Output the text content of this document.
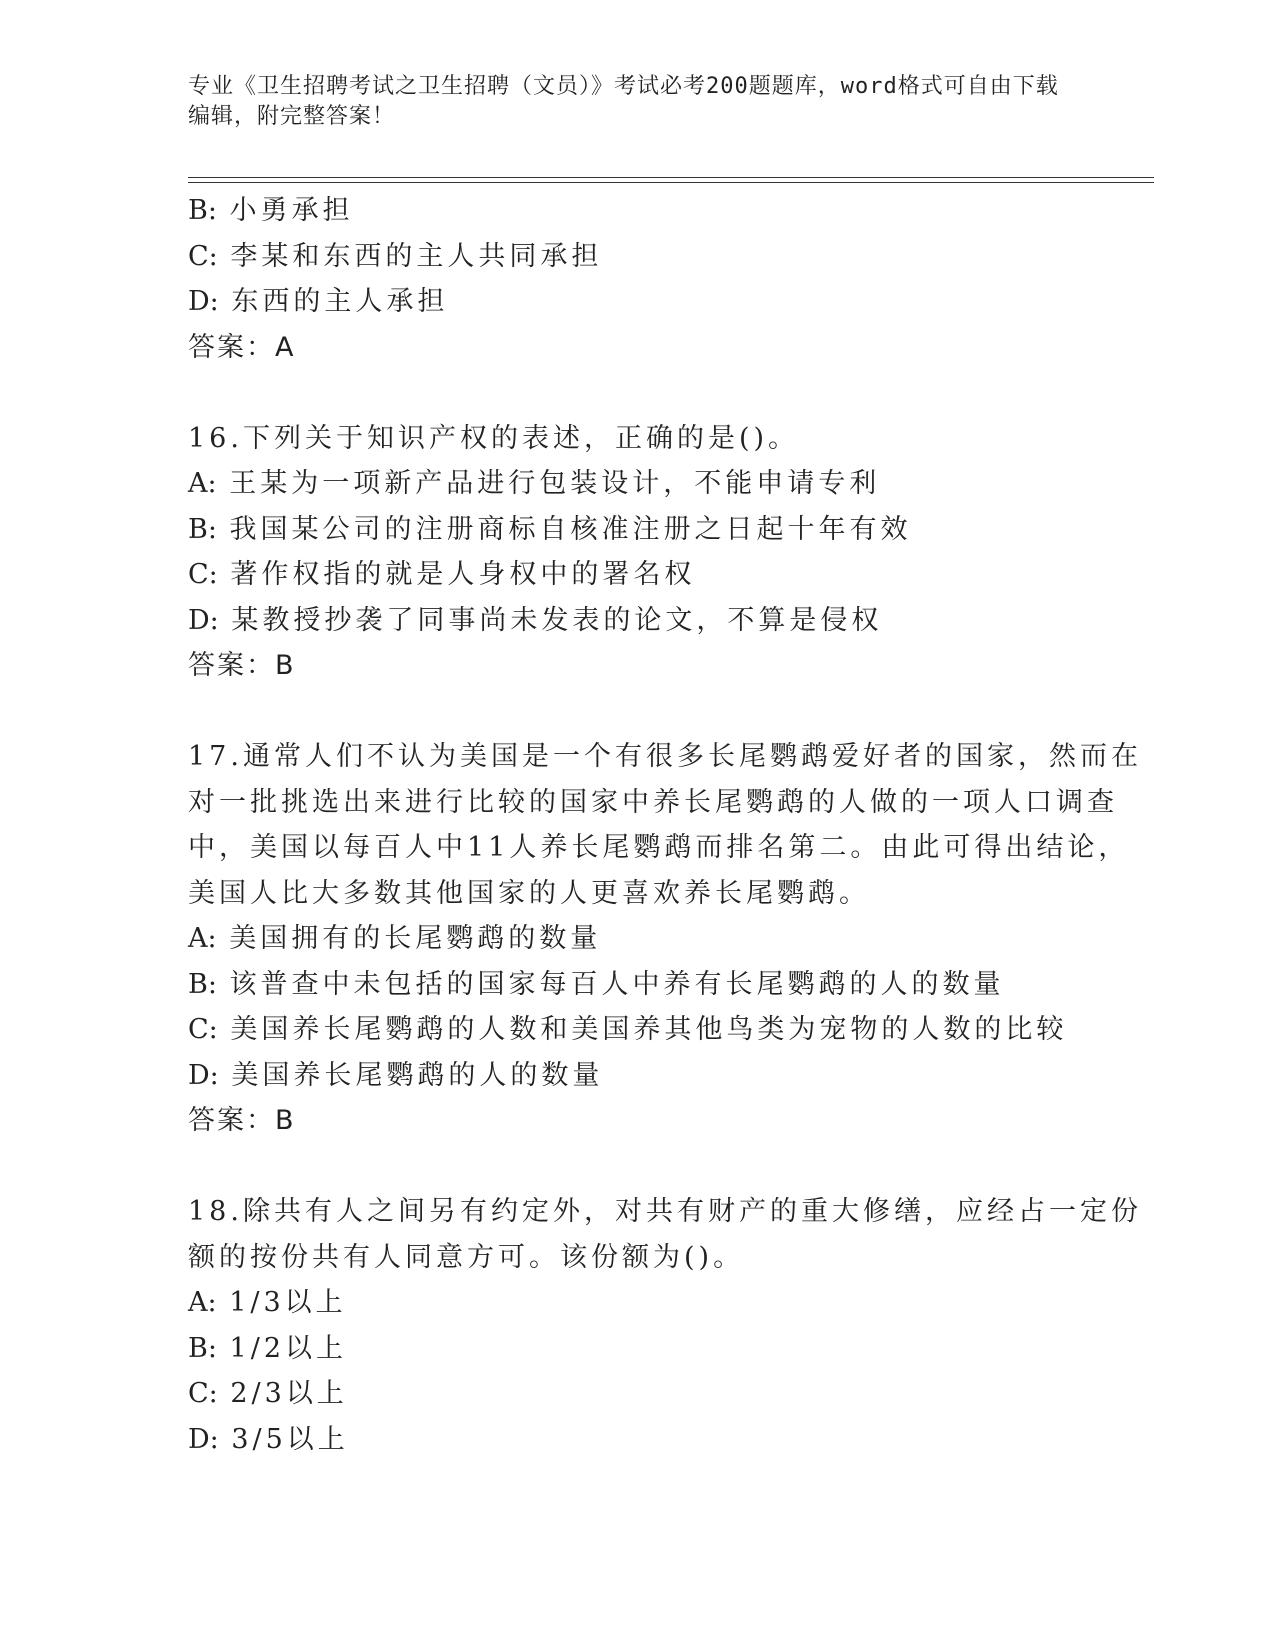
专业《卫生招聘考试之卫生招聘（文员）》考试必考200题题库，word格式可自由下载编辑，附完整答案！
B: 小勇承担
C: 李某和东西的主人共同承担
D: 东西的主人承担
答案：A
16.下列关于知识产权的表述，正确的是()。
A: 王某为一项新产品进行包装设计，不能申请专利
B: 我国某公司的注册商标自核准注册之日起十年有效
C: 著作权指的就是人身权中的署名权
D: 某教授抄袭了同事尚未发表的论文，不算是侵权
答案：B
17.通常人们不认为美国是一个有很多长尾鹦鹉爱好者的国家，然而在
对一批挑选出来进行比较的国家中养长尾鹦鹉的人做的一项人口调查
中，美国以每百人中11人养长尾鹦鹉而排名第二。由此可得出结论，
美国人比大多数其他国家的人更喜欢养长尾鹦鹉。
A: 美国拥有的长尾鹦鹉的数量
B: 该普查中未包括的国家每百人中养有长尾鹦鹉的人的数量
C: 美国养长尾鹦鹉的人数和美国养其他鸟类为宠物的人数的比较
D: 美国养长尾鹦鹉的人的数量
答案：B
18.除共有人之间另有约定外，对共有财产的重大修缮，应经占一定份
额的按份共有人同意方可。该份额为()。
A: 1/3以上
B: 1/2以上
C: 2/3以上
D: 3/5以上
